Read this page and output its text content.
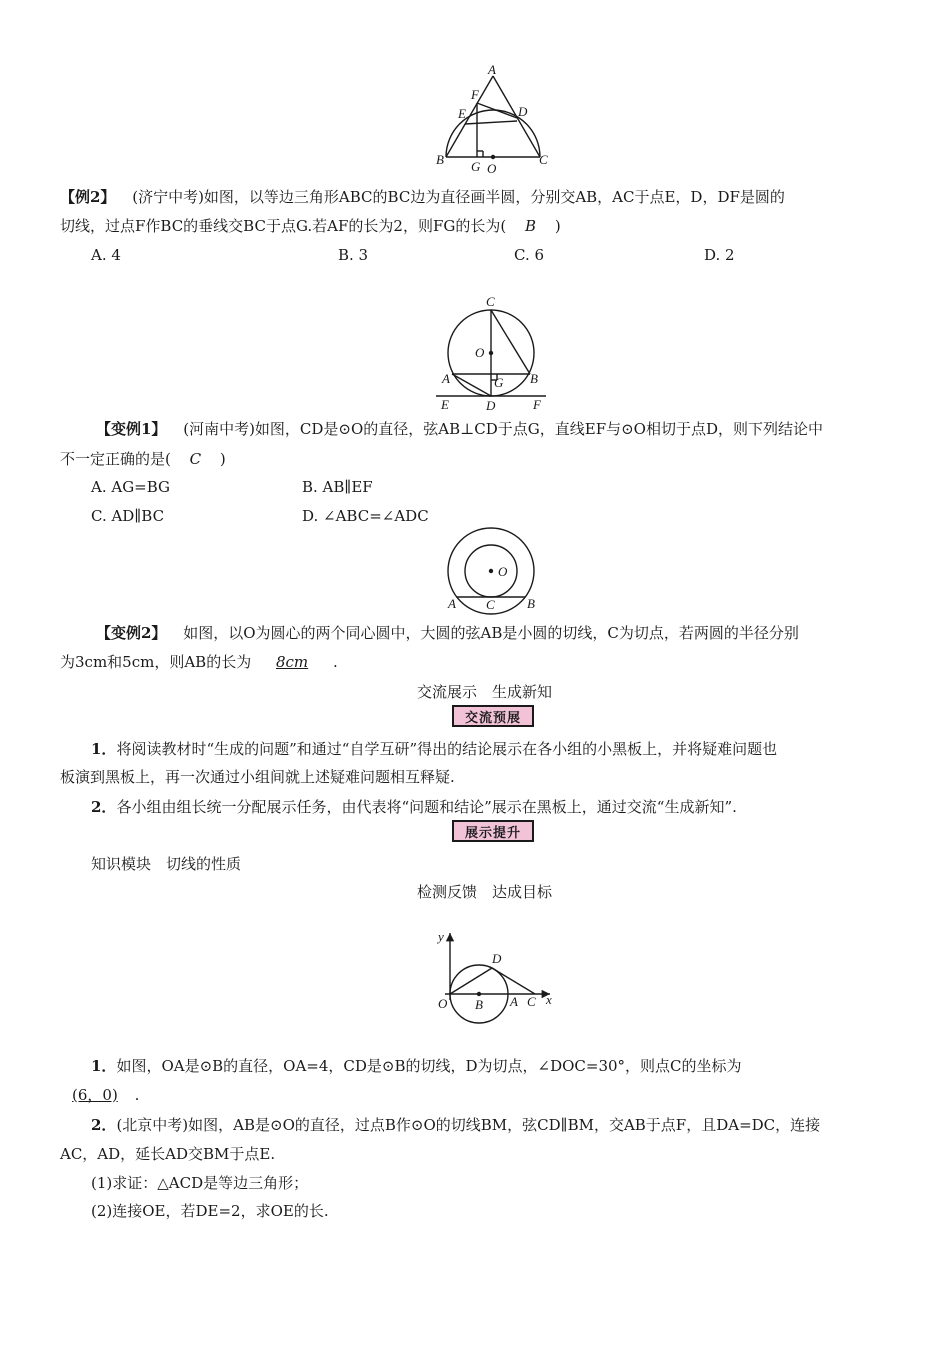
A
F
E	D
B G O
C
【例2】 (济宁中考)如图，以等边三角形ABC的BC边为直径画半圆，分别交AB，AC于点E，D，DF是圆的
切线，过点F作BC的垂线交BC于点G.若AF的长为2，则FG的长为( B )
A. 4	B. 3	C. 6	D. 2
C
O
A	G B
E	D	F
【变例1】 (河南中考)如图，CD是⊙O的直径，弦AB⊥CD于点G，直线EF与⊙O相切于点D，则下列结论中
不一定正确的是( C )
A. AG=BG	B. AB∥EF
C. AD∥BC	D. ∠ABC=∠ADC
O
A C B
【变例2】 如图，以O为圆心的两个同心圆中，大圆的弦AB是小圆的切线，C为切点，若两圆的半径分别
为3cm和5cm，则AB的长为 8cm .
交流展示　生成新知
交流预展
1．将阅读教材时“生成的问题”和通过“自学互研”得出的结论展示在各小组的小黑板上，并将疑难问题也
板演到黑板上，再一次通过小组间就上述疑难问题相互释疑.
2．各小组由组长统一分配展示任务，由代表将“问题和结论”展示在黑板上，通过交流“生成新知”.
展示提升
知识模块　切线的性质
检测反馈　达成目标
y
D
O B A C x
1．如图，OA是⊙B的直径，OA=4，CD是⊙B的切线，D为切点，∠DOC=30°，则点C的坐标为
(6，0) .
2．(北京中考)如图，AB是⊙O的直径，过点B作⊙O的切线BM，弦CD∥BM，交AB于点F，且DA=DC，连接
AC，AD，延长AD交BM于点E.
(1)求证：△ACD是等边三角形；
(2)连接OE，若DE=2，求OE的长.
